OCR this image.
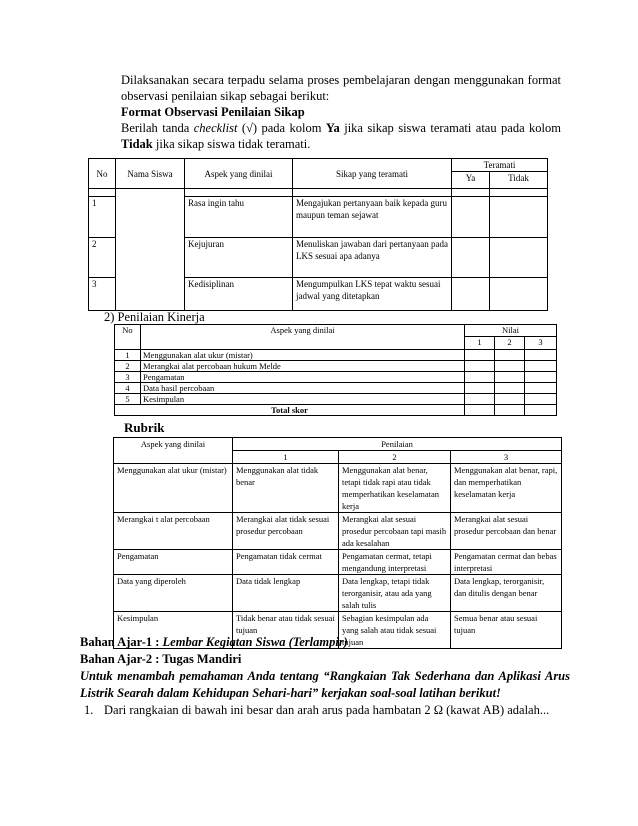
Dilaksanakan secara terpadu selama proses pembelajaran dengan menggunakan format observasi penilaian sikap sebagai berikut:
Format Observasi Penilaian Sikap
Berilah tanda checklist (√) pada kolom Ya jika sikap siswa teramati atau pada kolom Tidak jika sikap siswa tidak teramati.
No	Nama Siswa	Aspek yang dinilai	Sikap yang teramati	Teramati	
				Ya	Tidak

1		Rasa ingin tahu	Mengajukan pertanyaan baik kepada guru maupun teman sejawat		
2		Kejujuran	Menuliskan jawaban dari pertanyaan pada LKS sesuai apa adanya		
3		Kedisiplinan	Mengumpulkan LKS tepat waktu sesuai jadwal yang ditetapkan		
2) Penilaian Kinerja
No	Aspek yang dinilai	Nilai		
		1	2	3
1	Menggunakan alat ukur (mistar)			
2	Merangkai alat percobaan hukum Melde			
3	Pengamatan			
4	Data hasil percobaan			
5	Kesimpulan			
Total skor				
Rubrik
Aspek yang dinilai	Penilaian		
	1	2	3
Menggunakan alat ukur (mistar)	Menggunakan alat tidak benar	Menggunakan alat benar, tetapi tidak rapi atau tidak memperhatikan keselamatan kerja	Menggunakan alat benar, rapi, dan memperhatikan keselamatan kerja
Merangkai t alat percobaan	Merangkai alat tidak sesuai prosedur percobaan	Merangkai alat sesuai prosedur percobaan tapi masih ada kesalahan	Merangkai alat sesuai prosedur percobaan dan benar
Pengamatan	Pengamatan tidak cermat	Pengamatan cermat, tetapi mengandung interpretasi	Pengamatan cermat dan bebas interpretasi
Data yang diperoleh	Data tidak lengkap	Data lengkap, tetapi tidak terorganisir, atau ada yang salah tulis	Data lengkap, terorganisir, dan ditulis dengan benar
Kesimpulan	Tidak benar atau tidak sesuai tujuan	Sebagian kesimpulan ada yang salah atau tidak sesuai tujuan	Semua benar atau sesuai tujuan
Bahan Ajar-1 : Lembar Kegiatan Siswa (Terlampir)
Bahan Ajar-2 : Tugas Mandiri
Untuk menambah pemahaman Anda tentang “Rangkaian Tak Sederhana dan Aplikasi Arus Listrik Searah dalam Kehidupan Sehari-hari” kerjakan soal-soal latihan berikut!
1. Dari rangkaian di bawah ini besar dan arah arus pada hambatan 2 Ω (kawat AB) adalah...
